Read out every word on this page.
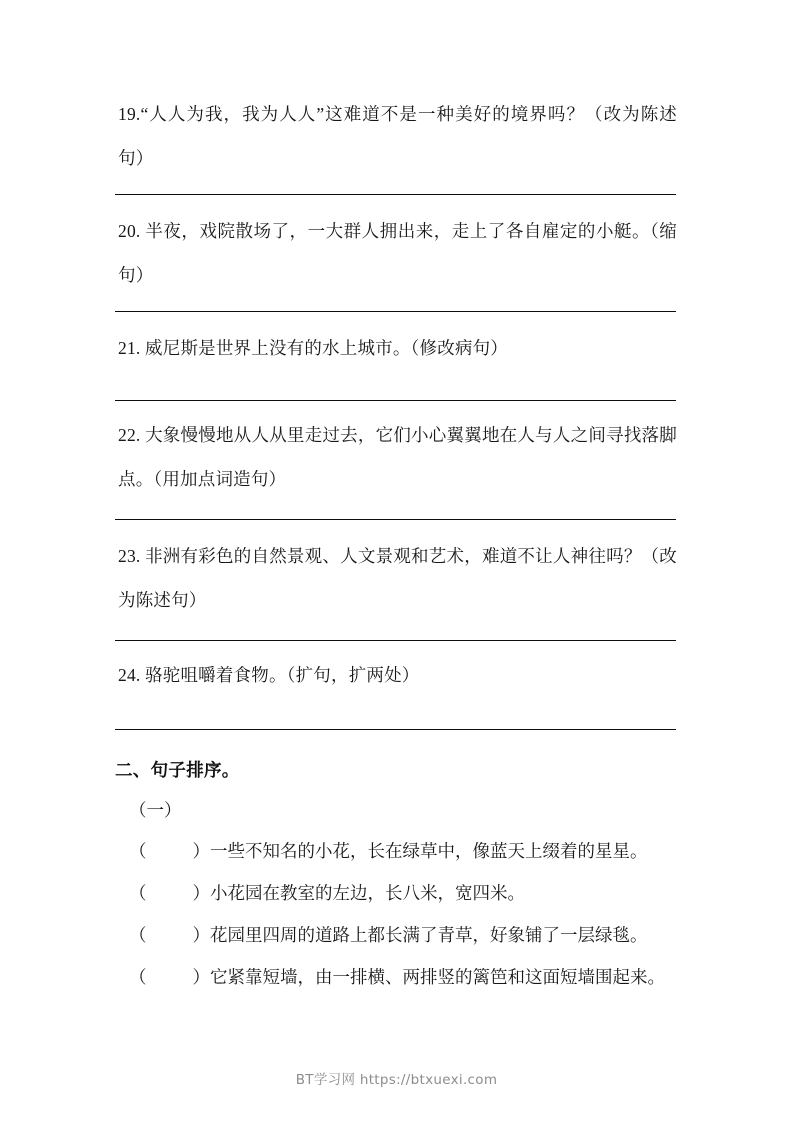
19.“人人为我，我为人人”这难道不是一种美好的境界吗？（改为陈述句）

20. 半夜，戏院散场了，一大群人拥出来，走上了各自雇定的小艇。（缩句）

21. 威尼斯是世界上没有的水上城市。（修改病句）

22. 大象慢慢地从人从里走过去，它们小心翼翼地在人与人之间寻找落脚点。（用加点词造句）

23. 非洲有彩色的自然景观、人文景观和艺术，难道不让人神往吗？（改为陈述句）

24. 骆驼咀嚼着食物。（扩句，扩两处）

二、句子排序。

（一）

（	）一些不知名的小花，长在绿草中，像蓝天上缀着的星星。

（	）小花园在教室的左边，长八米，宽四米。

（	）花园里四周的道路上都长满了青草，好象铺了一层绿毯。

（	）它紧靠短墙，由一排横、两排竖的篱笆和这面短墙围起来。

BT学习网 https://btxuexi.com
